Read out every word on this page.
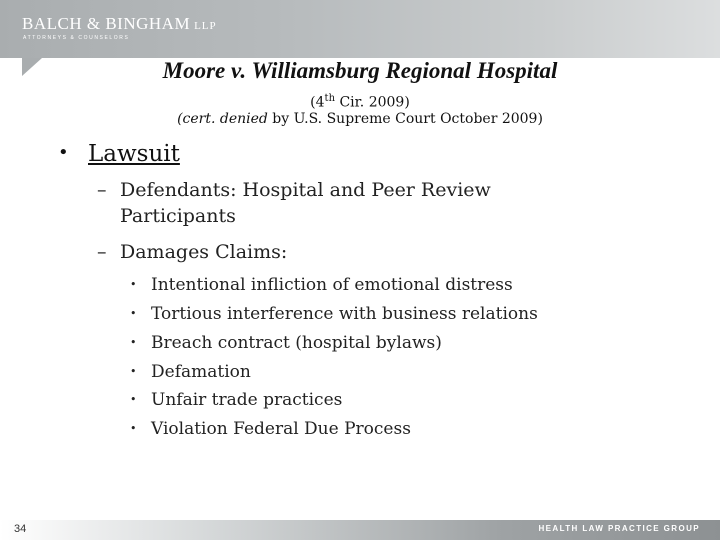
BALCH & BINGHAM LLP
ATTORNEYS & COUNSELORS
Moore v. Williamsburg Regional Hospital
(4th Cir. 2009)
(cert. denied by U.S. Supreme Court October 2009)
• Lawsuit
– Defendants: Hospital and Peer Review Participants
– Damages Claims:
• Intentional infliction of emotional distress
• Tortious interference with business relations
• Breach contract (hospital bylaws)
• Defamation
• Unfair trade practices
• Violation Federal Due Process
34	HEALTH LAW PRACTICE GROUP
